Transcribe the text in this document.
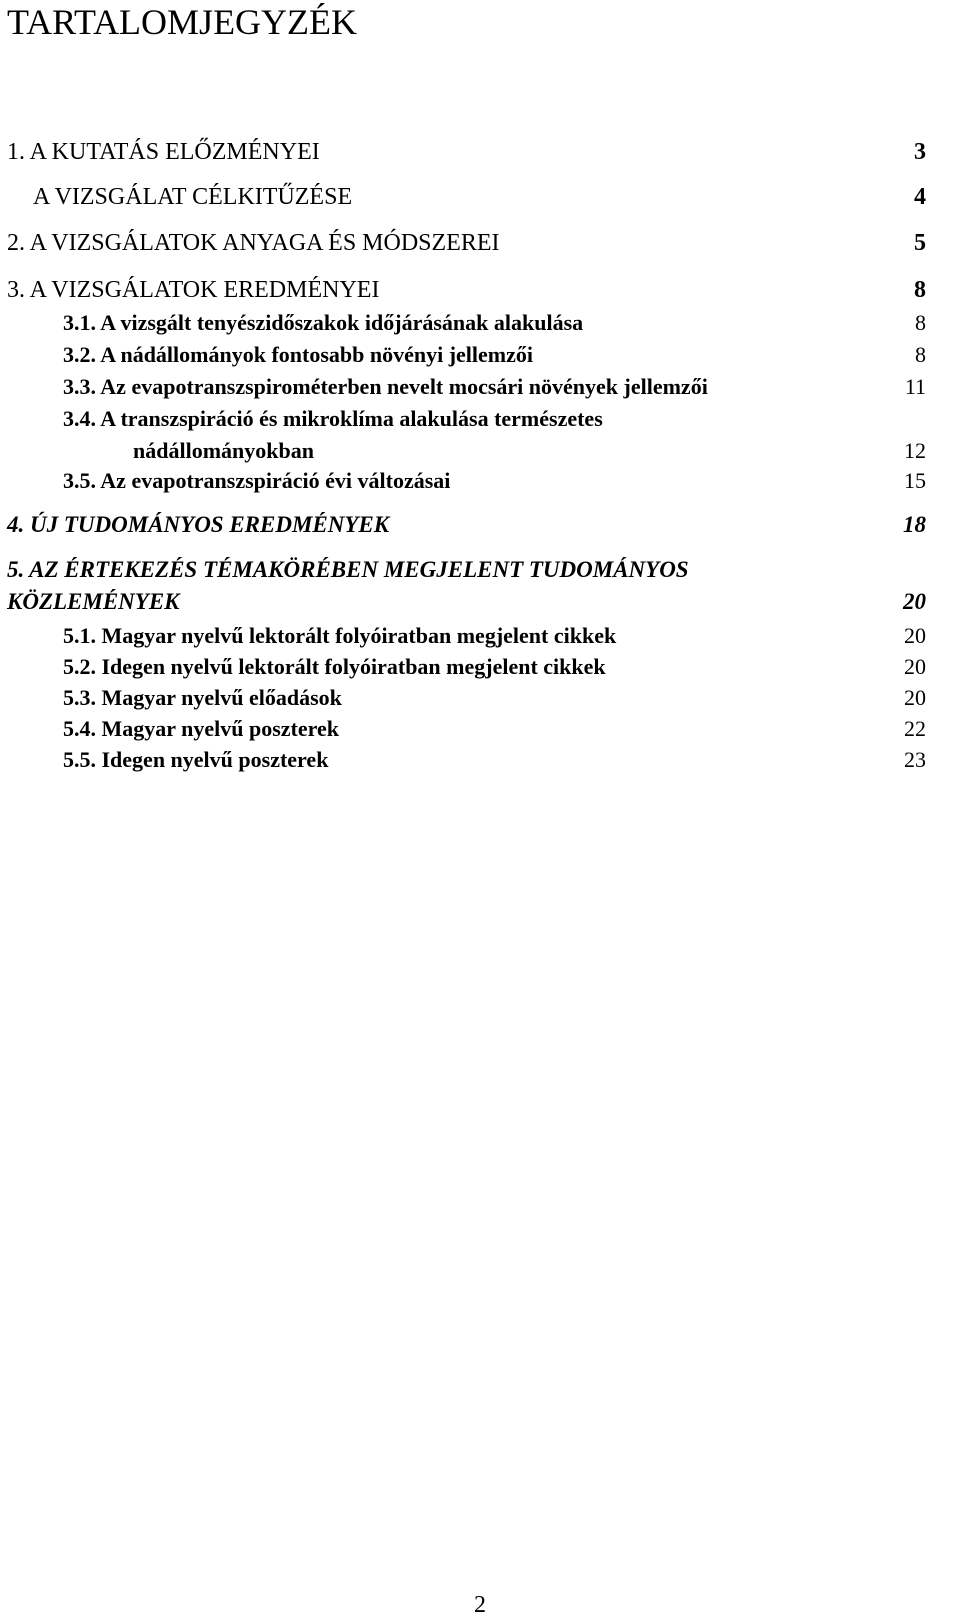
TARTALOMJEGYZÉK
1. A KUTATÁS ELŐZMÉNYEI	3
A VIZSGÁLAT CÉLKITŰZÉSE	4
2. A VIZSGÁLATOK ANYAGA ÉS MÓDSZEREI	5
3. A VIZSGÁLATOK EREDMÉNYEI	8
3.1. A vizsgált tenyészidőszakok időjárásának alakulása	8
3.2. A nádállományok fontosabb növényi jellemzői	8
3.3. Az evapotranszspirométerben nevelt mocsári növények jellemzői	11
3.4. A transzspiráció és mikroklíma alakulása természetes
nádállományokban	12
3.5. Az evapotranszspiráció évi változásai	15
4. ÚJ TUDOMÁNYOS EREDMÉNYEK	18
5. AZ ÉRTEKEZÉS TÉMAKÖRÉBEN MEGJELENT TUDOMÁNYOS
KÖZLEMÉNYEK	20
5.1. Magyar nyelvű lektorált folyóiratban megjelent cikkek	20
5.2. Idegen nyelvű lektorált folyóiratban megjelent cikkek	20
5.3. Magyar nyelvű előadások	20
5.4. Magyar nyelvű poszterek	22
5.5. Idegen nyelvű poszterek	23
2
